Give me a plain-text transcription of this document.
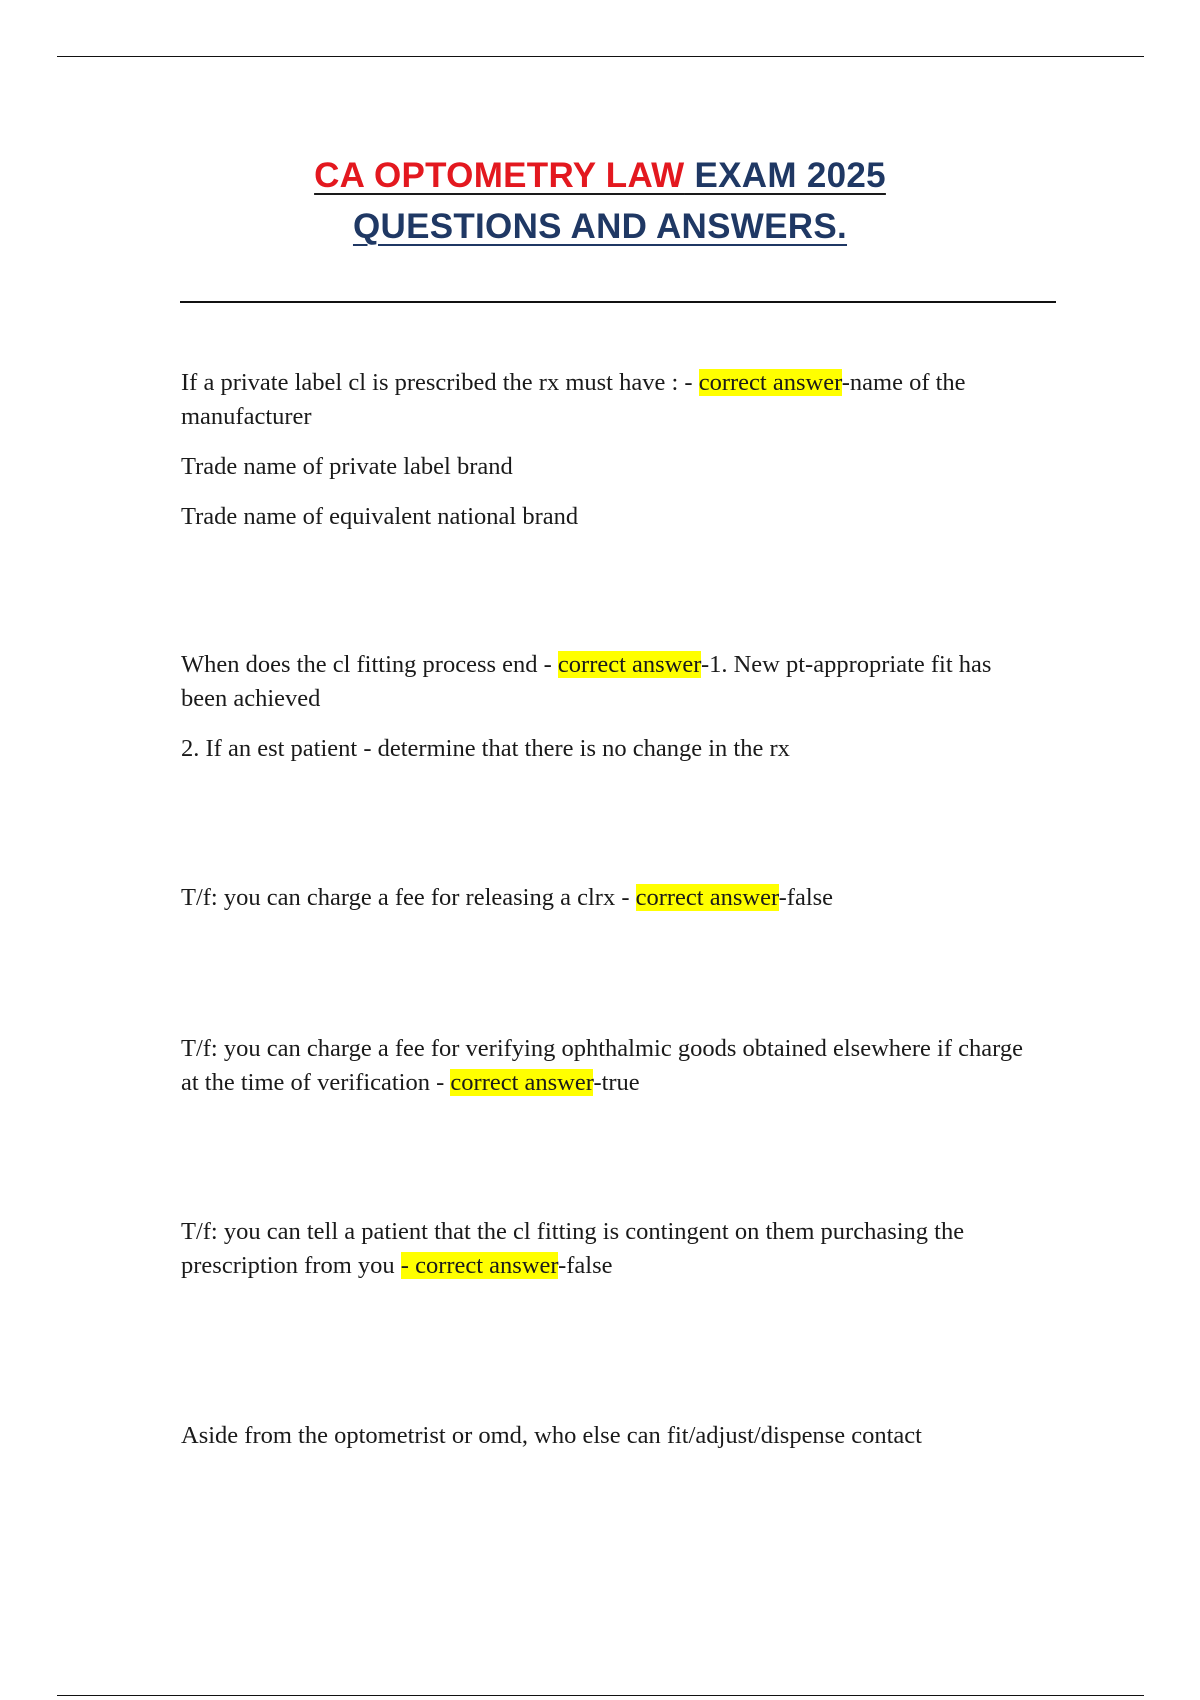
CA OPTOMETRY LAW EXAM 2025
QUESTIONS AND ANSWERS.

If a private label cl is prescribed the rx must have : - correct answer-name of the manufacturer

Trade name of private label brand

Trade name of equivalent national brand

When does the cl fitting process end - correct answer-1. New pt-appropriate fit has been achieved

2. If an est patient - determine that there is no change in the rx

T/f: you can charge a fee for releasing a clrx - correct answer-false

T/f: you can charge a fee for verifying ophthalmic goods obtained elsewhere if charge at the time of verification - correct answer-true

T/f: you can tell a patient that the cl fitting is contingent on them purchasing the prescription from you - correct answer-false

Aside from the optometrist or omd, who else can fit/adjust/dispense contact
